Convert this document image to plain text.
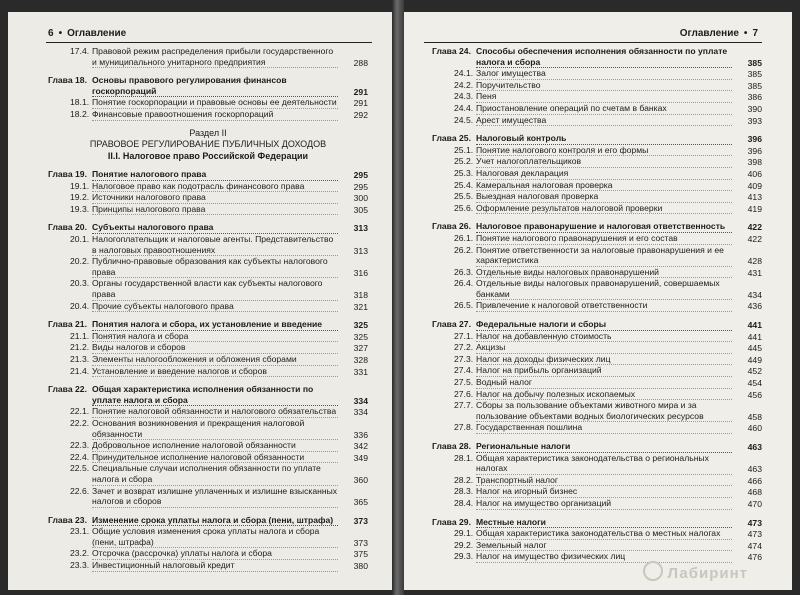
6 • Оглавление
17.4. Правовой режим распределения прибыли государственного и муниципального унитарного предприятия	288
Глава 18. Основы правового регулирования финансов госкорпораций	291
18.1. Понятие госкорпорации и правовые основы ее деятельности	291
18.2. Финансовые правоотношения госкорпораций	292
Раздел II
ПРАВОВОЕ РЕГУЛИРОВАНИЕ ПУБЛИЧНЫХ ДОХОДОВ
II.I. Налоговое право Российской Федерации
Глава 19. Понятие налогового права	295
19.1. Налоговое право как подотрасль финансового права	295
19.2. Источники налогового права	300
19.3. Принципы налогового права	305
Глава 20. Субъекты налогового права	313
20.1. Налогоплательщик и налоговые агенты. Представительство в налоговых правоотношениях	313
20.2. Публично-правовые образования как субъекты налогового права	316
20.3. Органы государственной власти как субъекты налогового права	318
20.4. Прочие субъекты налогового права	321
Глава 21. Понятия налога и сбора, их установление и введение	325
21.1. Понятия налога и сбора	325
21.2. Виды налогов и сборов	327
21.3. Элементы налогообложения и обложения сборами	328
21.4. Установление и введение налогов и сборов	331
Глава 22. Общая характеристика исполнения обязанности по уплате налога и сбора	334
22.1. Понятие налоговой обязанности и налогового обязательства	334
22.2. Основания возникновения и прекращения налоговой обязанности	336
22.3. Добровольное исполнение налоговой обязанности	342
22.4. Принудительное исполнение налоговой обязанности	349
22.5. Специальные случаи исполнения обязанности по уплате налога и сбора	360
22.6. Зачет и возврат излишне уплаченных и излишне взысканных налогов и сборов	365
Глава 23. Изменение срока уплаты налога и сбора (пени, штрафа)	373
23.1. Общие условия изменения срока уплаты налога и сбора (пени, штрафа)	373
23.2. Отсрочка (рассрочка) уплаты налога и сбора	375
23.3. Инвестиционный налоговый кредит	380
Оглавление • 7
Глава 24. Способы обеспечения исполнения обязанности по уплате налога и сбора	385
24.1. Залог имущества	385
24.2. Поручительство	385
24.3. Пеня	386
24.4. Приостановление операций по счетам в банках	390
24.5. Арест имущества	393
Глава 25. Налоговый контроль	396
25.1. Понятие налогового контроля и его формы	396
25.2. Учет налогоплательщиков	398
25.3. Налоговая декларация	406
25.4. Камеральная налоговая проверка	409
25.5. Выездная налоговая проверка	413
25.6. Оформление результатов налоговой проверки	419
Глава 26. Налоговое правонарушение и налоговая ответственность	422
26.1. Понятие налогового правонарушения и его состав	422
26.2. Понятие ответственности за налоговые правонарушения и ее характеристика	428
26.3. Отдельные виды налоговых правонарушений	431
26.4. Отдельные виды налоговых правонарушений, совершаемых банками	434
26.5. Привлечение к налоговой ответственности	436
Глава 27. Федеральные налоги и сборы	441
27.1. Налог на добавленную стоимость	441
27.2. Акцизы	445
27.3. Налог на доходы физических лиц	449
27.4. Налог на прибыль организаций	452
27.5. Водный налог	454
27.6. Налог на добычу полезных ископаемых	456
27.7. Сборы за пользование объектами животного мира и за пользование объектами водных биологических ресурсов	458
27.8. Государственная пошлина	460
Глава 28. Региональные налоги	463
28.1. Общая характеристика законодательства о региональных налогах	463
28.2. Транспортный налог	466
28.3. Налог на игорный бизнес	468
28.4. Налог на имущество организаций	470
Глава 29. Местные налоги	473
29.1. Общая характеристика законодательства о местных налогах	473
29.2. Земельный налог	474
29.3. Налог на имущество физических лиц	476
Лабиринт
